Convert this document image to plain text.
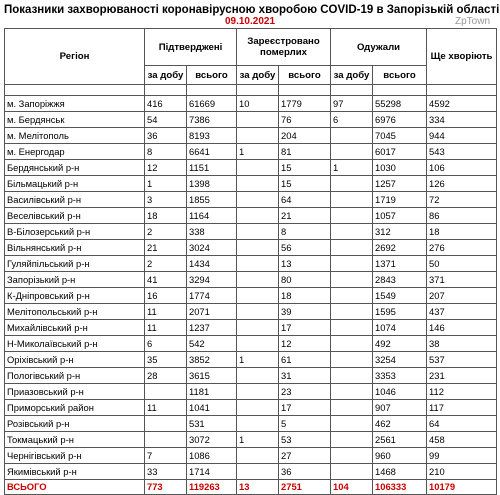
Показники захворюваності коронавірусною хворобою COVID-19 в Запорізькій області
09.10.2021	ZpTown
Регіон	Підтверджені		Зареєстровано померлих		Одужали		Ще хворіють
	за добу	всього	за добу	всього	за добу	всього	

м. Запоріжжя	416	61669	10	1779	97	55298	4592
м. Бердянськ	54	7386		76	6	6976	334
м. Мелітополь	36	8193		204		7045	944
м. Енергодар	8	6641	1	81		6017	543
Бердянський р-н	12	1151		15	1	1030	106
Більмацький р-н	1	1398		15		1257	126
Василівський р-н	3	1855		64		1719	72
Веселівський р-н	18	1164		21		1057	86
В-Білозерський р-н	2	338		8		312	18
Вільнянський р-н	21	3024		56		2692	276
Гуляйпільський р-н	2	1434		13		1371	50
Запорізький р-н	41	3294		80		2843	371
К-Дніпровський р-н	16	1774		18		1549	207
Мелітопольський р-н	11	2071		39		1595	437
Михайлівський р-н	11	1237		17		1074	146
Н-Миколаївський р-н	6	542		12		492	38
Оріхівський р-н	35	3852	1	61		3254	537
Пологівський р-н	28	3615		31		3353	231
Приазовський р-н		1181		23		1046	112
Приморський район	11	1041		17		907	117
Розівський р-н		531		5		462	64
Токмацький р-н		3072	1	53		2561	458
Чернігівський р-н	7	1086		27		960	99
Якимівський р-н	33	1714		36		1468	210
ВСЬОГО	773	119263	13	2751	104	106333	10179
